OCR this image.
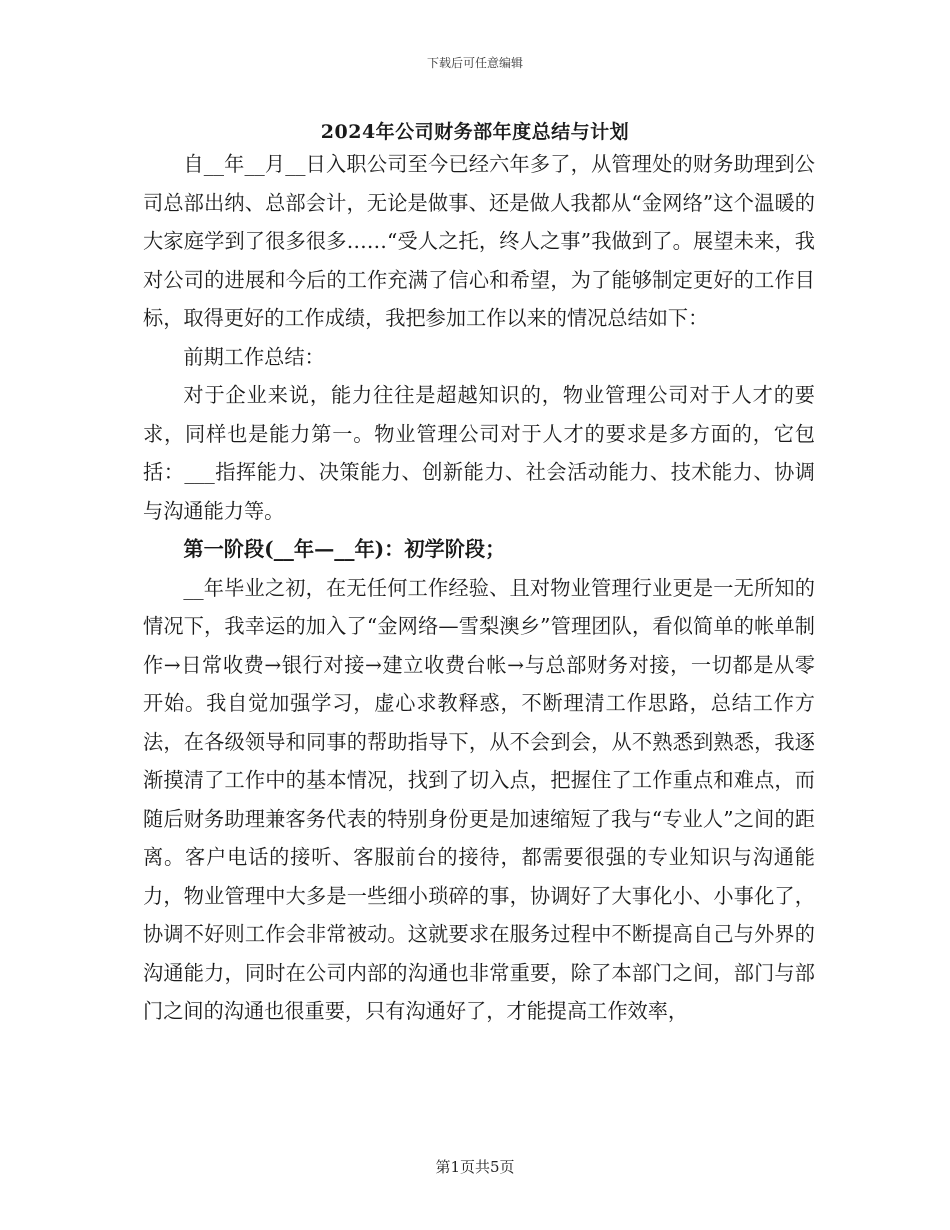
下载后可任意编辑
2024年公司财务部年度总结与计划

自__年__月__日入职公司至今已经六年多了，从管理处的财务助理到公司总部出纳、总部会计，无论是做事、还是做人我都从“金网络”这个温暖的大家庭学到了很多很多……“受人之托，终人之事”我做到了。展望未来，我对公司的进展和今后的工作充满了信心和希望，为了能够制定更好的工作目标，取得更好的工作成绩，我把参加工作以来的情况总结如下：

前期工作总结：

对于企业来说，能力往往是超越知识的，物业管理公司对于人才的要求，同样也是能力第一。物业管理公司对于人才的要求是多方面的，它包括：___指挥能力、决策能力、创新能力、社会活动能力、技术能力、协调与沟通能力等。

第一阶段(__年—__年)：初学阶段；

__年毕业之初，在无任何工作经验、且对物业管理行业更是一无所知的情况下，我幸运的加入了“金网络—雪梨澳乡”管理团队，看似简单的帐单制作→日常收费→银行对接→建立收费台帐→与总部财务对接，一切都是从零开始。我自觉加强学习，虚心求教释惑，不断理清工作思路，总结工作方法，在各级领导和同事的帮助指导下，从不会到会，从不熟悉到熟悉，我逐渐摸清了工作中的基本情况，找到了切入点，把握住了工作重点和难点，而随后财务助理兼客务代表的特别身份更是加速缩短了我与“专业人”之间的距离。客户电话的接听、客服前台的接待，都需要很强的专业知识与沟通能力，物业管理中大多是一些细小琐碎的事，协调好了大事化小、小事化了，协调不好则工作会非常被动。这就要求在服务过程中不断提高自己与外界的沟通能力，同时在公司内部的沟通也非常重要，除了本部门之间，部门与部门之间的沟通也很重要，只有沟通好了，才能提高工作效率，

第1页共5页
